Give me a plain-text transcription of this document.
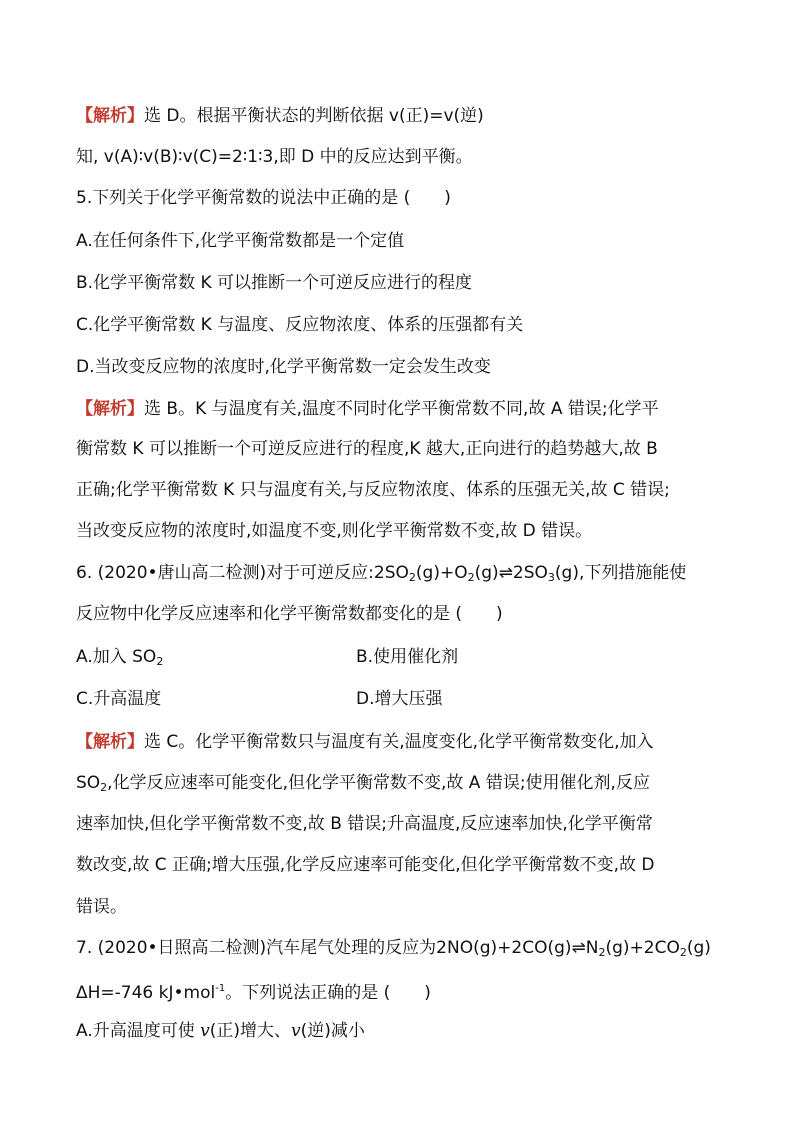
【解析】选 D。根据平衡状态的判断依据 v(正)=v(逆)
知, v(A)∶v(B)∶v(C)=2∶1∶3,即 D 中的反应达到平衡。
5.下列关于化学平衡常数的说法中正确的是 (　　)
A.在任何条件下,化学平衡常数都是一个定值
B.化学平衡常数 K 可以推断一个可逆反应进行的程度
C.化学平衡常数 K 与温度、反应物浓度、体系的压强都有关
D.当改变反应物的浓度时,化学平衡常数一定会发生改变
【解析】选 B。K 与温度有关,温度不同时化学平衡常数不同,故 A 错误;化学平
衡常数 K 可以推断一个可逆反应进行的程度,K 越大,正向进行的趋势越大,故 B
正确;化学平衡常数 K 只与温度有关,与反应物浓度、体系的压强无关,故 C 错误;
当改变反应物的浓度时,如温度不变,则化学平衡常数不变,故 D 错误。
6. (2020•唐山高二检测)对于可逆反应$:2SO_2(g)+O_2(g)\rightleftharpoons 2SO_3(g)$,下列措施能使
反应物中化学反应速率和化学平衡常数都变化的是 (　　)
A.加入 $SO_2$	B.使用催化剂
C.升高温度	D.增大压强
【解析】选 C。化学平衡常数只与温度有关,温度变化,化学平衡常数变化,加入
$SO_2$,化学反应速率可能变化,但化学平衡常数不变,故 A 错误;使用催化剂,反应
速率加快,但化学平衡常数不变,故 B 错误;升高温度,反应速率加快,化学平衡常
数改变,故 C 正确;增大压强,化学反应速率可能变化,但化学平衡常数不变,故 D
错误。
7. (2020•日照高二检测)汽车尾气处理的反应为$2NO(g)+2CO(g)\rightleftharpoons N_2(g)+2CO_2(g)$
ΔH=-746 kJ•mol$^{-1}$。下列说法正确的是 (　　)
A.升高温度可使 v(正)增大、v(逆)减小
